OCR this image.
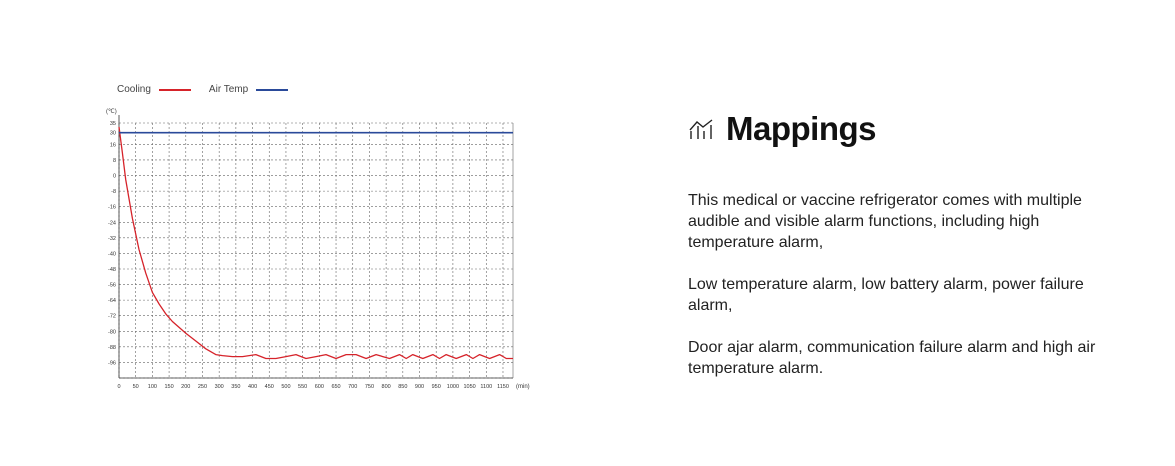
Cooling	Air Temp
35
30
16
8
0
-8
-16
-24
-32
-40
-48
-56
-64
-72
-80
-88
-96
0 50 100 150 200 250 300 350 400 450 500 550 600 650 700 750 800 850 900 950 1000 1050 1100 1150
(℃)
(min)
Mappings

This medical or vaccine refrigerator comes with multiple audible and visible alarm functions, including high temperature alarm,

Low temperature alarm, low battery alarm, power failure alarm,

Door ajar alarm, communication failure alarm and high air temperature alarm.
